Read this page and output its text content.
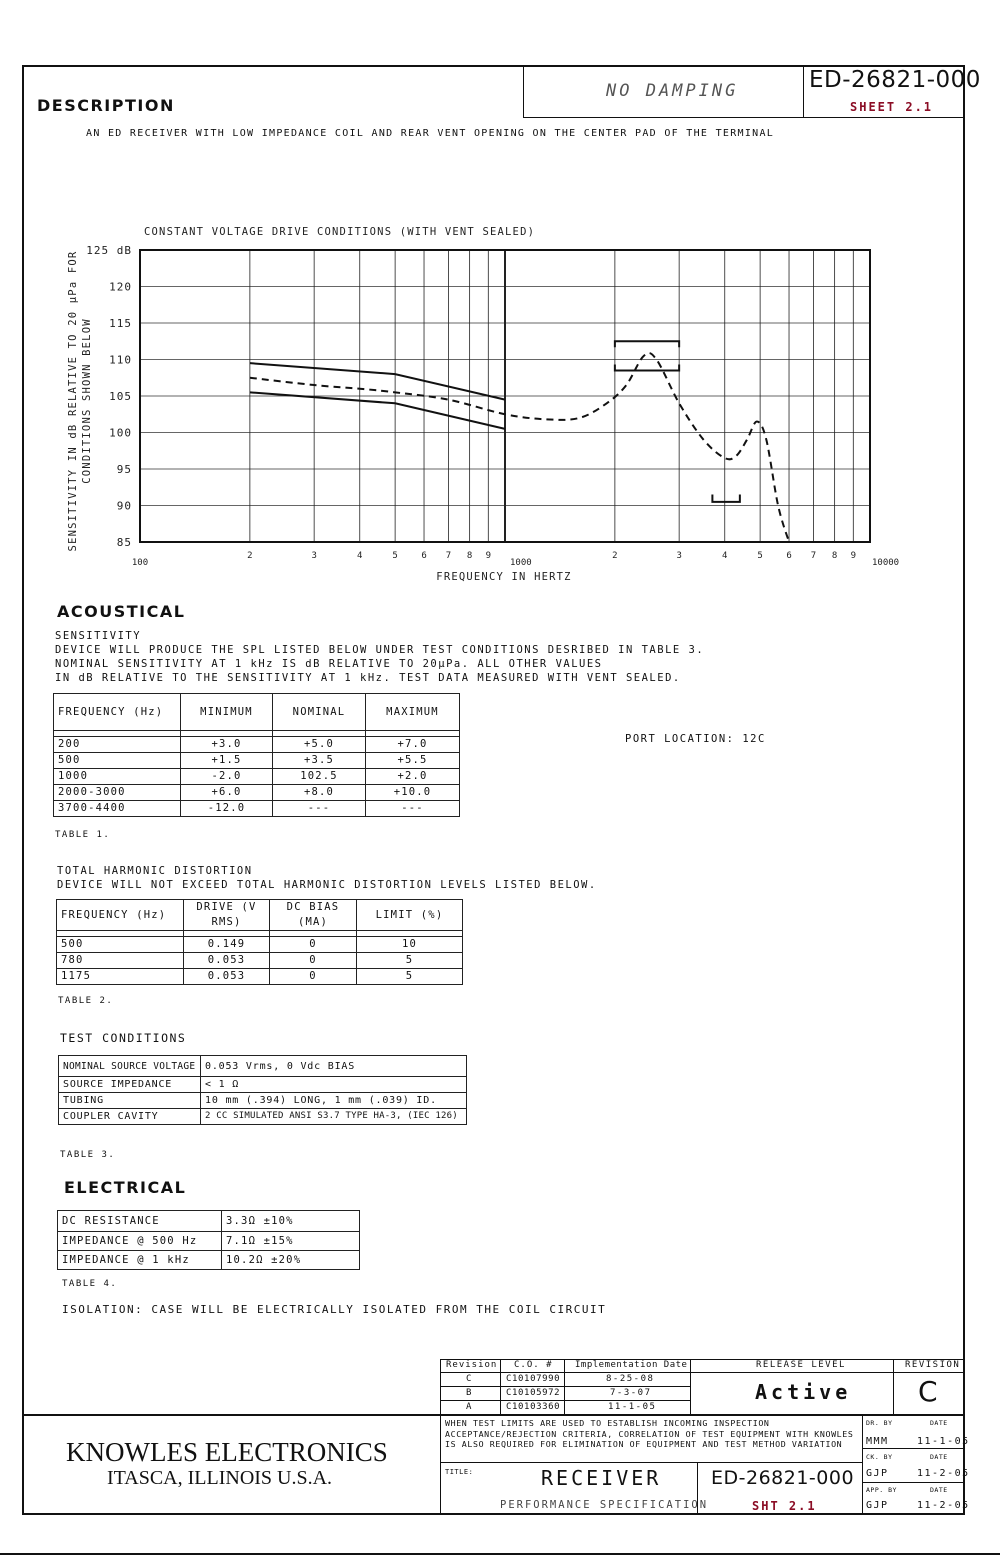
NO DAMPING	ED-26821-000
SHEET 2.1
DESCRIPTION
AN ED RECEIVER WITH LOW IMPEDANCE COIL AND REAR VENT OPENING ON THE CENTER PAD OF THE TERMINAL
125 dB
120
115
110
105
100
95
90
85
100
2	3	4	5	6 7 8 9
1000
2	3	4	5	6 7 8 9
10000
CONSTANT VOLTAGE DRIVE CONDITIONS (WITH VENT SEALED)
FREQUENCY IN HERTZ
SENSITIVITY IN dB RELATIVE TO 20 µPa FOR CONDITIONS SHOWN BELOW
ACOUSTICAL
SENSITIVITY
DEVICE WILL PRODUCE THE SPL LISTED BELOW UNDER TEST CONDITIONS DESRIBED IN TABLE 3.
NOMINAL SENSITIVITY AT 1 kHz IS dB RELATIVE TO 20µPa. ALL OTHER VALUES
IN dB RELATIVE TO THE SENSITIVITY AT 1 kHz. TEST DATA MEASURED WITH VENT SEALED.
PORT LOCATION: 12C
FREQUENCY (Hz)	MINIMUM	NOMINAL	MAXIMUM

200	+3.0	+5.0	+7.0
500	+1.5	+3.5	+5.5
1000	-2.0	102.5	+2.0
2000-3000	+6.0	+8.0	+10.0
3700-4400	-12.0	---	---
TABLE 1.
TOTAL HARMONIC DISTORTION
DEVICE WILL NOT EXCEED TOTAL HARMONIC DISTORTION LEVELS LISTED BELOW.
FREQUENCY (Hz)	DRIVE (V RMS)	DC BIAS (MA)	LIMIT (%)

500	0.149	0	10
780	0.053	0	5
1175	0.053	0	5
TABLE 2.
TEST CONDITIONS
NOMINAL SOURCE VOLTAGE	0.053 Vrms, 0 Vdc BIAS
SOURCE IMPEDANCE	< 1 Ω
TUBING	10 mm (.394) LONG, 1 mm (.039) ID.
COUPLER CAVITY	2 CC SIMULATED ANSI S3.7 TYPE HA-3, (IEC 126)
TABLE 3.
ELECTRICAL
DC RESISTANCE	3.3Ω ±10%
IMPEDANCE @ 500 Hz	7.1Ω ±15%
IMPEDANCE @ 1 kHz	10.2Ω ±20%
TABLE 4.
ISOLATION: CASE WILL BE ELECTRICALLY ISOLATED FROM THE COIL CIRCUIT
Revision C.O. # Implementation Date
C	C10107990	8-25-08
B	C10105972	7-3-07
A	C10103360	11-1-05
RELEASE LEVEL
Active
REVISION
C
KNOWLES ELECTRONICS
ITASCA, ILLINOIS U.S.A.
WHEN TEST LIMITS ARE USED TO ESTABLISH INCOMING INSPECTION ACCEPTANCE/REJECTION CRITERIA, CORRELATION OF TEST EQUIPMENT WITH KNOWLES IS ALSO REQUIRED FOR ELIMINATION OF EQUIPMENT AND TEST METHOD VARIATION
TITLE:	RECEIVER
PERFORMANCE SPECIFICATION
ED-26821-000
SHT 2.1
DR. BY	DATE
MMM	11-1-05
CK. BY	DATE
GJP	11-2-05
APP. BY	DATE
GJP	11-2-05
